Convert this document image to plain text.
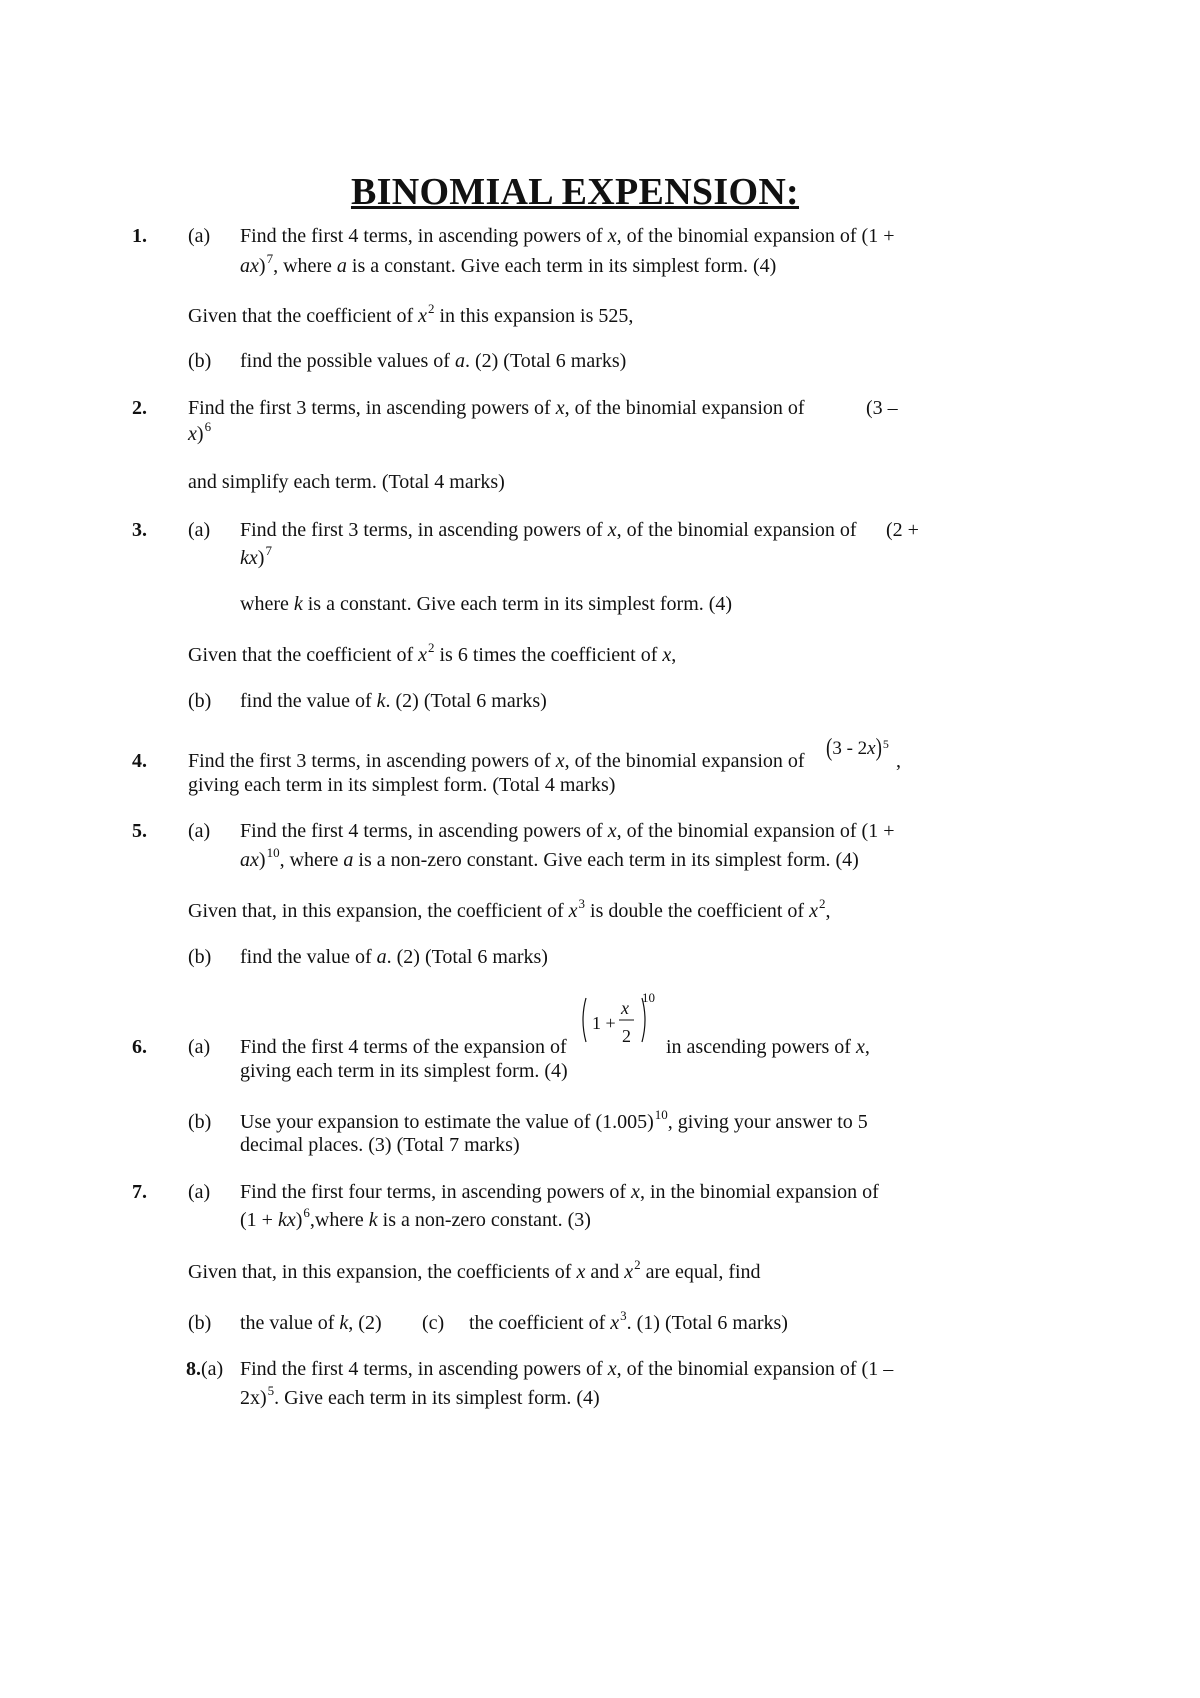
BINOMIAL EXPENSION:
1. (a) Find the first 4 terms, in ascending powers of x, of the binomial expansion of (1 +
ax)$^7$, where a is a constant. Give each term in its simplest form. (4)
Given that the coefficient of $x^2$ in this expansion is 525,
(b) find the possible values of a. (2) (Total 6 marks)
2. Find the first 3 terms, in ascending powers of x, of the binomial expansion of	(3 –
x)$^6$
and simplify each term. (Total 4 marks)
3. (a) Find the first 3 terms, in ascending powers of x, of the binomial expansion of (2 +
kx)$^7$
where k is a constant. Give each term in its simplest form. (4)
Given that the coefficient of $x^2$ is 6 times the coefficient of x,
(b) find the value of k. (2) (Total 6 marks)
4. Find the first 3 terms, in ascending powers of x, of the binomial expansion of (3 - 2x)$^5$
,
giving each term in its simplest form. (Total 4 marks)
5. (a) Find the first 4 terms, in ascending powers of x, of the binomial expansion of (1 +
ax)$^{10}$, where a is a non-zero constant. Give each term in its simplest form. (4)
Given that, in this expansion, the coefficient of $x^3$ is double the coefficient of $x^2$,
(b) find the value of a. (2) (Total 6 marks)
6. (a) Find the first 4 terms of the expansion of
1 +
x
2
10
in ascending powers of x,
giving each term in its simplest form. (4)
(b) Use your expansion to estimate the value of $(1.005)^{10}$, giving your answer to 5
decimal places. (3) (Total 7 marks)
7. (a) Find the first four terms, in ascending powers of x, in the binomial expansion of
(1 + kx)$^6$,where k is a non-zero constant. (3)
Given that, in this expansion, the coefficients of x and $x^2$ are equal, find
(b) the value of k, (2) (c) the coefficient of $x^3$. (1) (Total 6 marks)
8.(a) Find the first 4 terms, in ascending powers of x, of the binomial expansion of (1 –
2x)$^5$. Give each term in its simplest form. (4)
